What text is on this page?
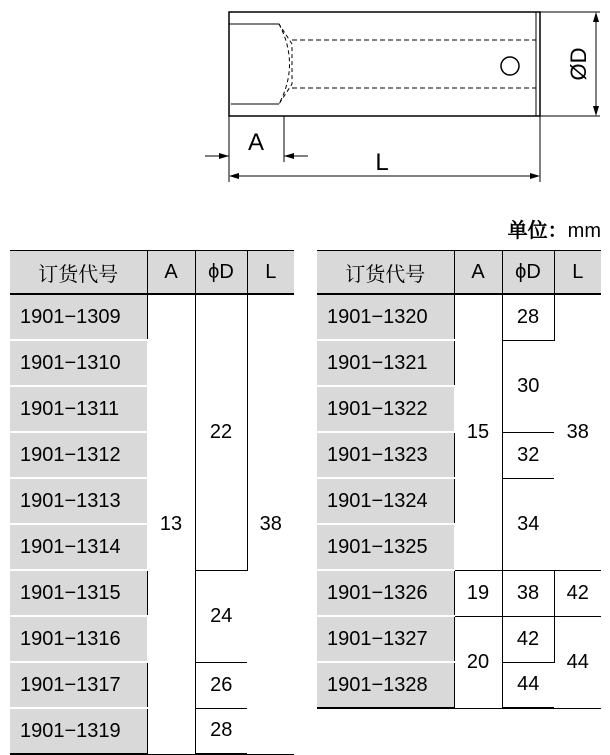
ØD
A
L
单位：mm
订货代号	A	ϕD	L
1901−1309	13	22	38
1901−1310			
1901−1311			
1901−1312			
1901−1313			
1901−1314			
1901−1315		24	
1901−1316			
1901−1317		26	
1901−1319		28	
订货代号	A	ϕD	L
1901−1320	15	28	38
1901−1321		30	
1901−1322			
1901−1323		32	
1901−1324		34	
1901−1325			
1901−1326	19	38	42
1901−1327	20	42	44
1901−1328		44	
